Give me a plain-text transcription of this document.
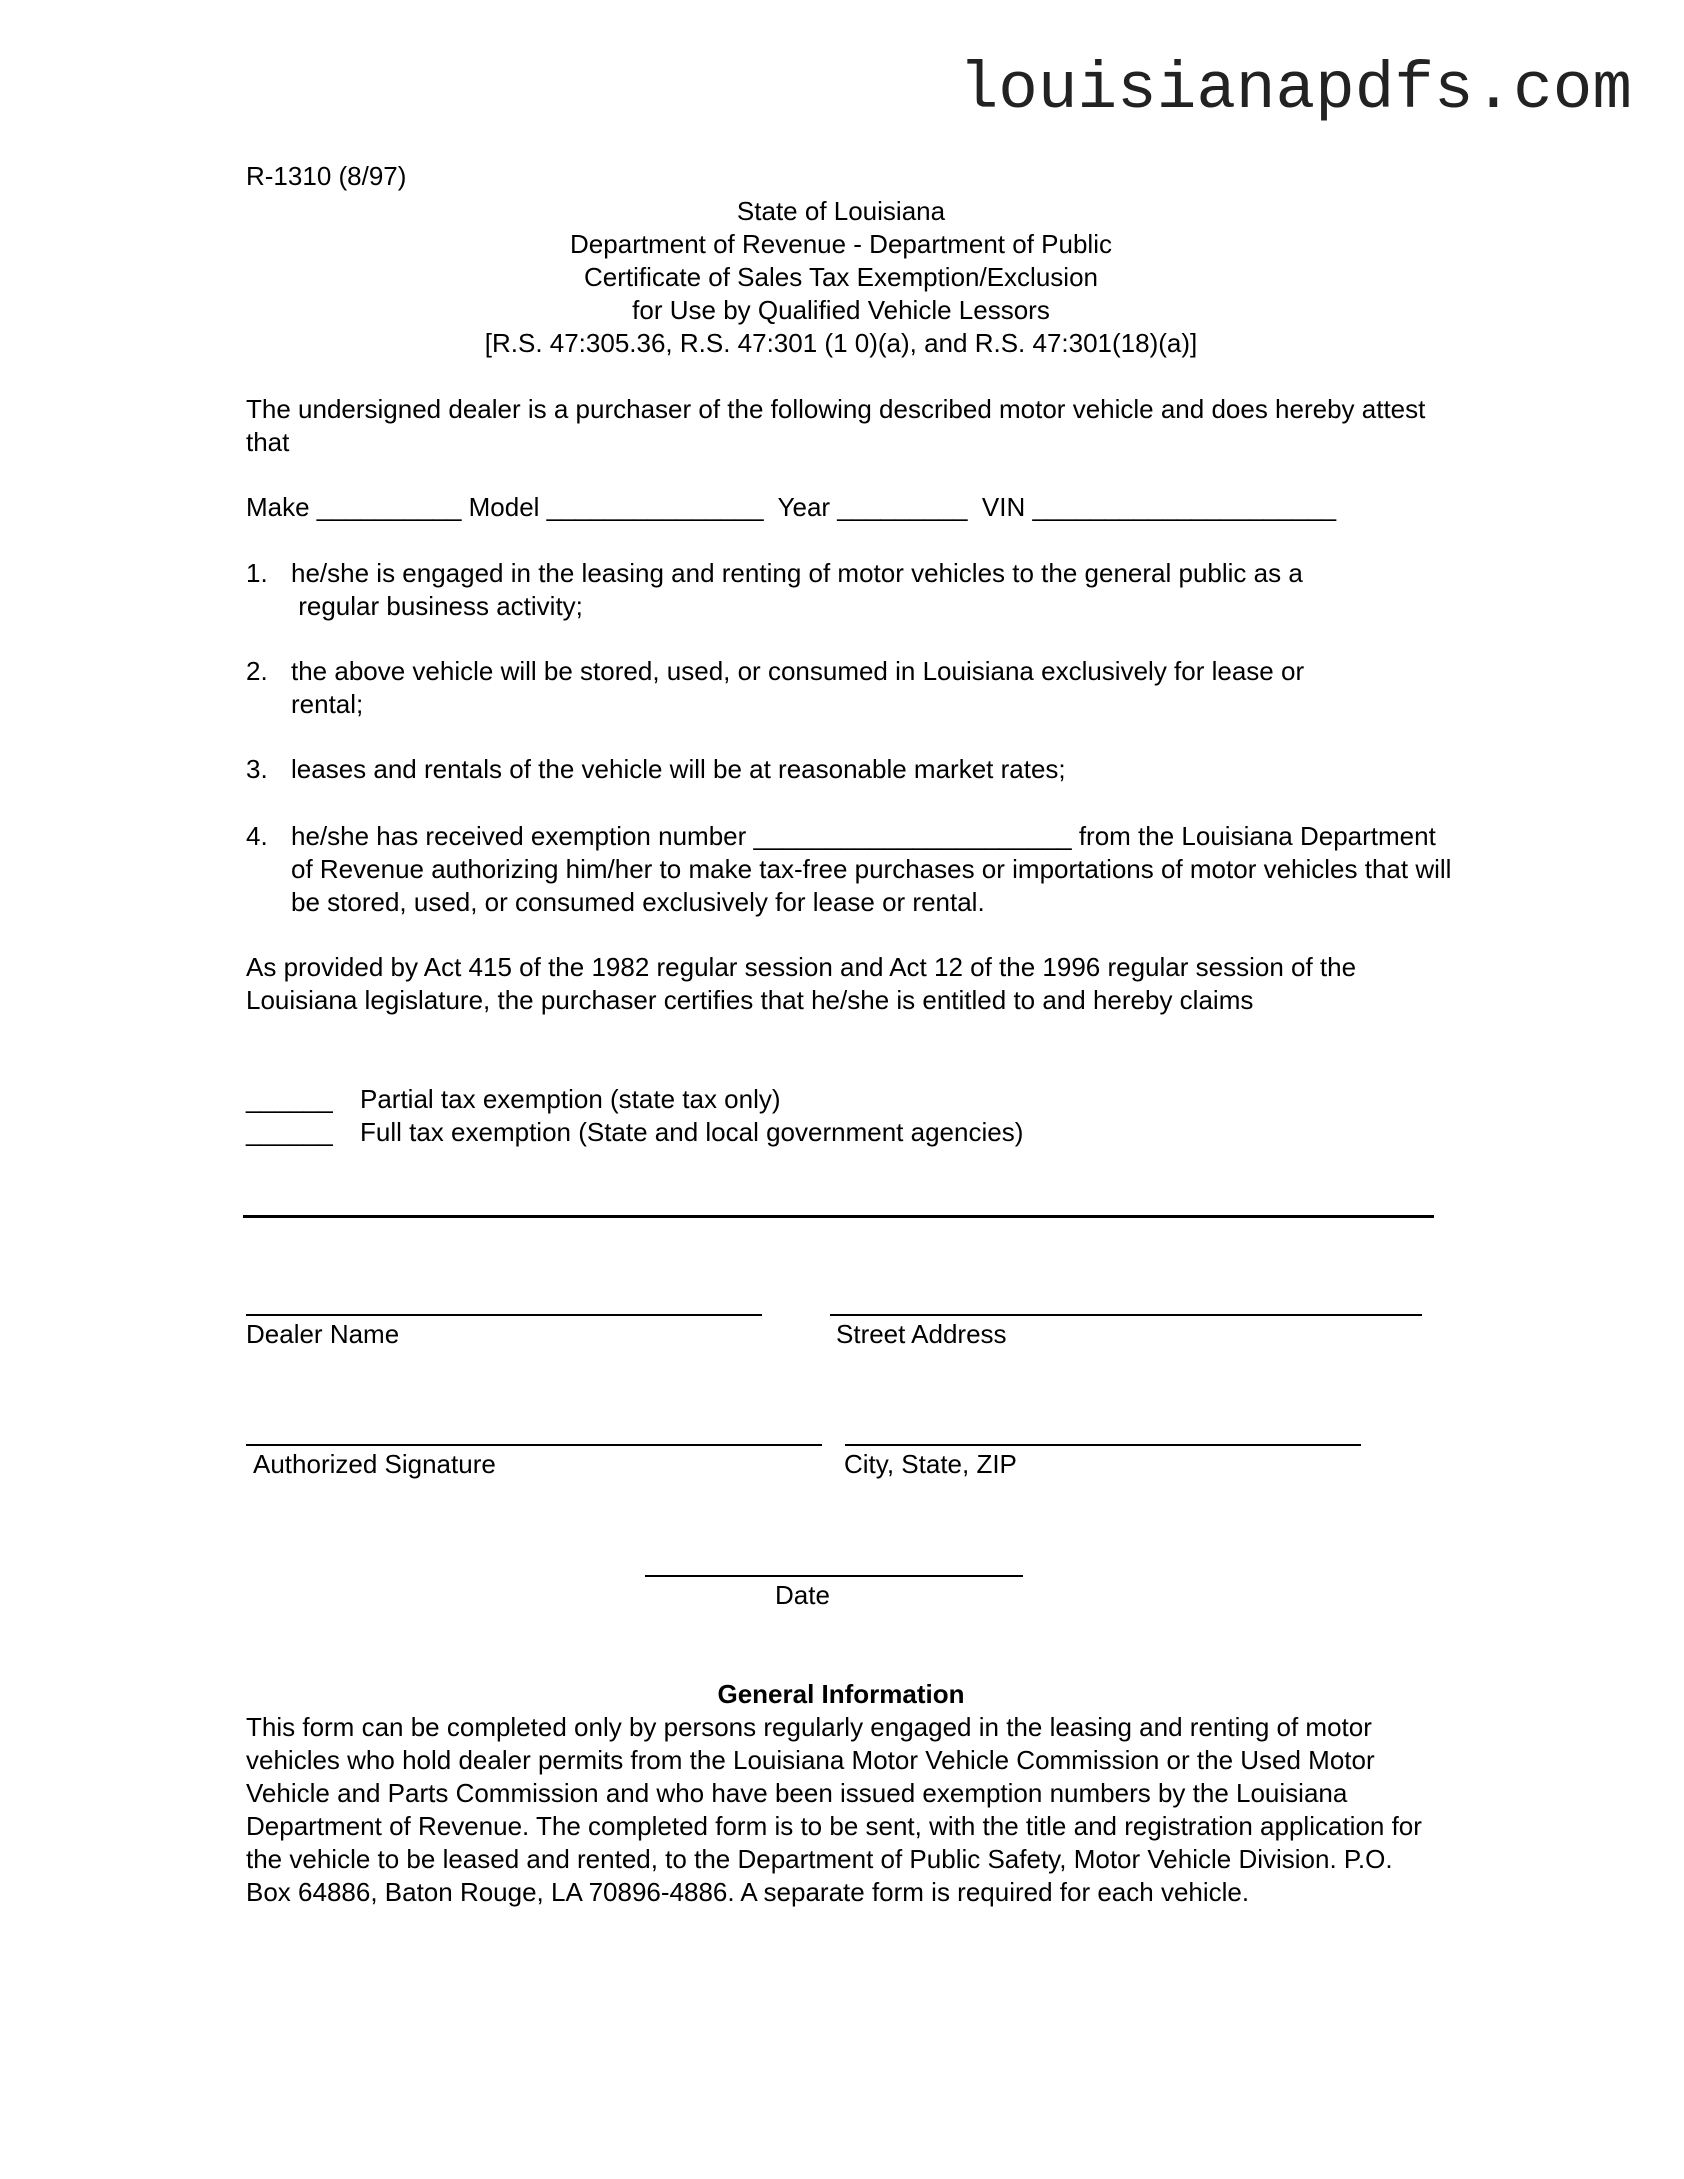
louisianapdfs.com
R-1310 (8/97)
State of Louisiana
Department of Revenue - Department of Public
Certificate of Sales Tax Exemption/Exclusion
for Use by Qualified Vehicle Lessors
[R.S. 47:305.36, R.S. 47:301 (1 0)(a), and R.S. 47:301(18)(a)]
The undersigned dealer is a purchaser of the following described motor vehicle and does hereby attest that
Make __________ Model _______________  Year _________  VIN _____________________
1. he/she is engaged in the leasing and renting of motor vehicles to the general public as a
regular business activity;
2. the above vehicle will be stored, used, or consumed in Louisiana exclusively for lease or
rental;
3. leases and rentals of the vehicle will be at reasonable market rates;
4. he/she has received exemption number ______________________ from the Louisiana Department of Revenue authorizing him/her to make tax-free purchases or importations of motor vehicles that will be stored, used, or consumed exclusively for lease or rental.
As provided by Act 415 of the 1982 regular session and Act 12 of the 1996 regular session of the Louisiana legislature, the purchaser certifies that he/she is entitled to and hereby claims
______ Partial tax exemption (state tax only)
______ Full tax exemption (State and local government agencies)
Dealer Name	Street Address
Authorized Signature	City, State, ZIP
Date
General Information
This form can be completed only by persons regularly engaged in the leasing and renting of motor vehicles who hold dealer permits from the Louisiana Motor Vehicle Commission or the Used Motor Vehicle and Parts Commission and who have been issued exemption numbers by the Louisiana Department of Revenue. The completed form is to be sent, with the title and registration application for the vehicle to be leased and rented, to the Department of Public Safety, Motor Vehicle Division. P.O. Box 64886, Baton Rouge, LA 70896-4886. A separate form is required for each vehicle.
